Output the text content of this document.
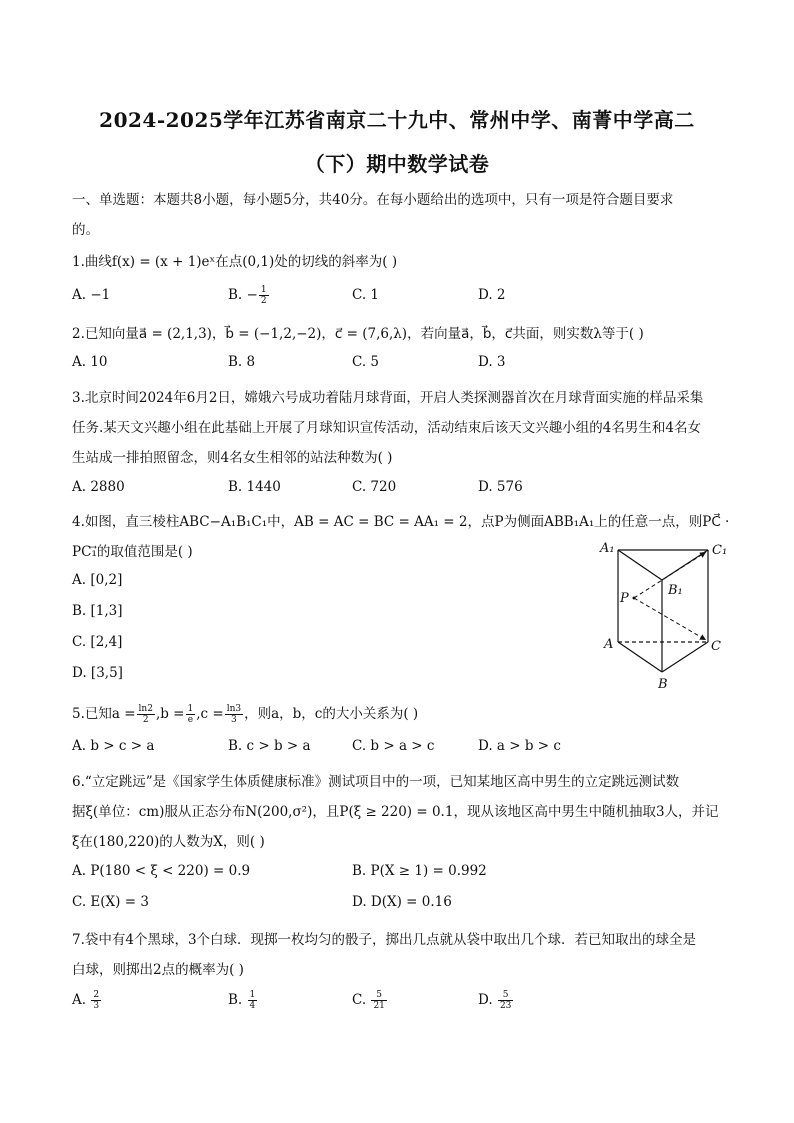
2024-2025学年江苏省南京二十九中、常州中学、南菁中学高二
（下）期中数学试卷
一、单选题：本题共8小题，每小题5分，共40分。在每小题给出的选项中，只有一项是符合题目要求
的。
1.曲线f(x) = (x + 1)eˣ在点(0,1)处的切线的斜率为( )
A. −1	B. − $\frac{1}{2}$	C. 1	D. 2
2.已知向量a⃗ = (2,1,3)，b⃗ = (−1,2,−2)，c⃗ = (7,6,λ)，若向量a⃗，b⃗，c⃗共面，则实数λ等于( )
A. 10	B. 8	C. 5	D. 3
3.北京时间2024年6月2日，嫦娥六号成功着陆月球背面，开启人类探测器首次在月球背面实施的样品采集
任务.某天文兴趣小组在此基础上开展了月球知识宣传活动，活动结束后该天文兴趣小组的4名男生和4名女
生站成一排拍照留念，则4名女生相邻的站法种数为( )
A. 2880	B. 1440	C. 720	D. 576
4.如图，直三棱柱ABC−A₁B₁C₁中，AB = AC = BC = AA₁ = 2，点P为侧面ABB₁A₁上的任意一点，则PC⃗ ·
PC₁⃗的取值范围是( )
A. [0,2]
B. [1,3]
C. [2,4]
D. [3,5]
A₁	C₁
B₁
P
A	C
B
5.已知$a = \frac{\ln 2}{2} ,b = \frac{1}{e} ,c = \frac{\ln 3}{3}$ ，则a，b，c的大小关系为( )
A. b > c > a	B. c > b > a	C. b > a > c	D. a > b > c
6.“立定跳远”是《国家学生体质健康标准》测试项目中的一项，已知某地区高中男生的立定跳远测试数
据ξ(单位：cm)服从正态分布N(200,σ²)，且P(ξ ≥ 220) = 0.1，现从该地区高中男生中随机抽取3人，并记
ξ在(180,220)的人数为X，则( )
A. P(180 < ξ < 220) = 0.9	B. P(X ≥ 1) = 0.992
C. E(X) = 3	D. D(X) = 0.16
7.袋中有4个黑球，3个白球．现掷一枚均匀的骰子，掷出几点就从袋中取出几个球．若已知取出的球全是
白球，则掷出2点的概率为( )
A. $\frac{2}{3}$	B. $\frac{1}{4}$	C. $\frac{5}{21}$	D. $\frac{5}{23}$
